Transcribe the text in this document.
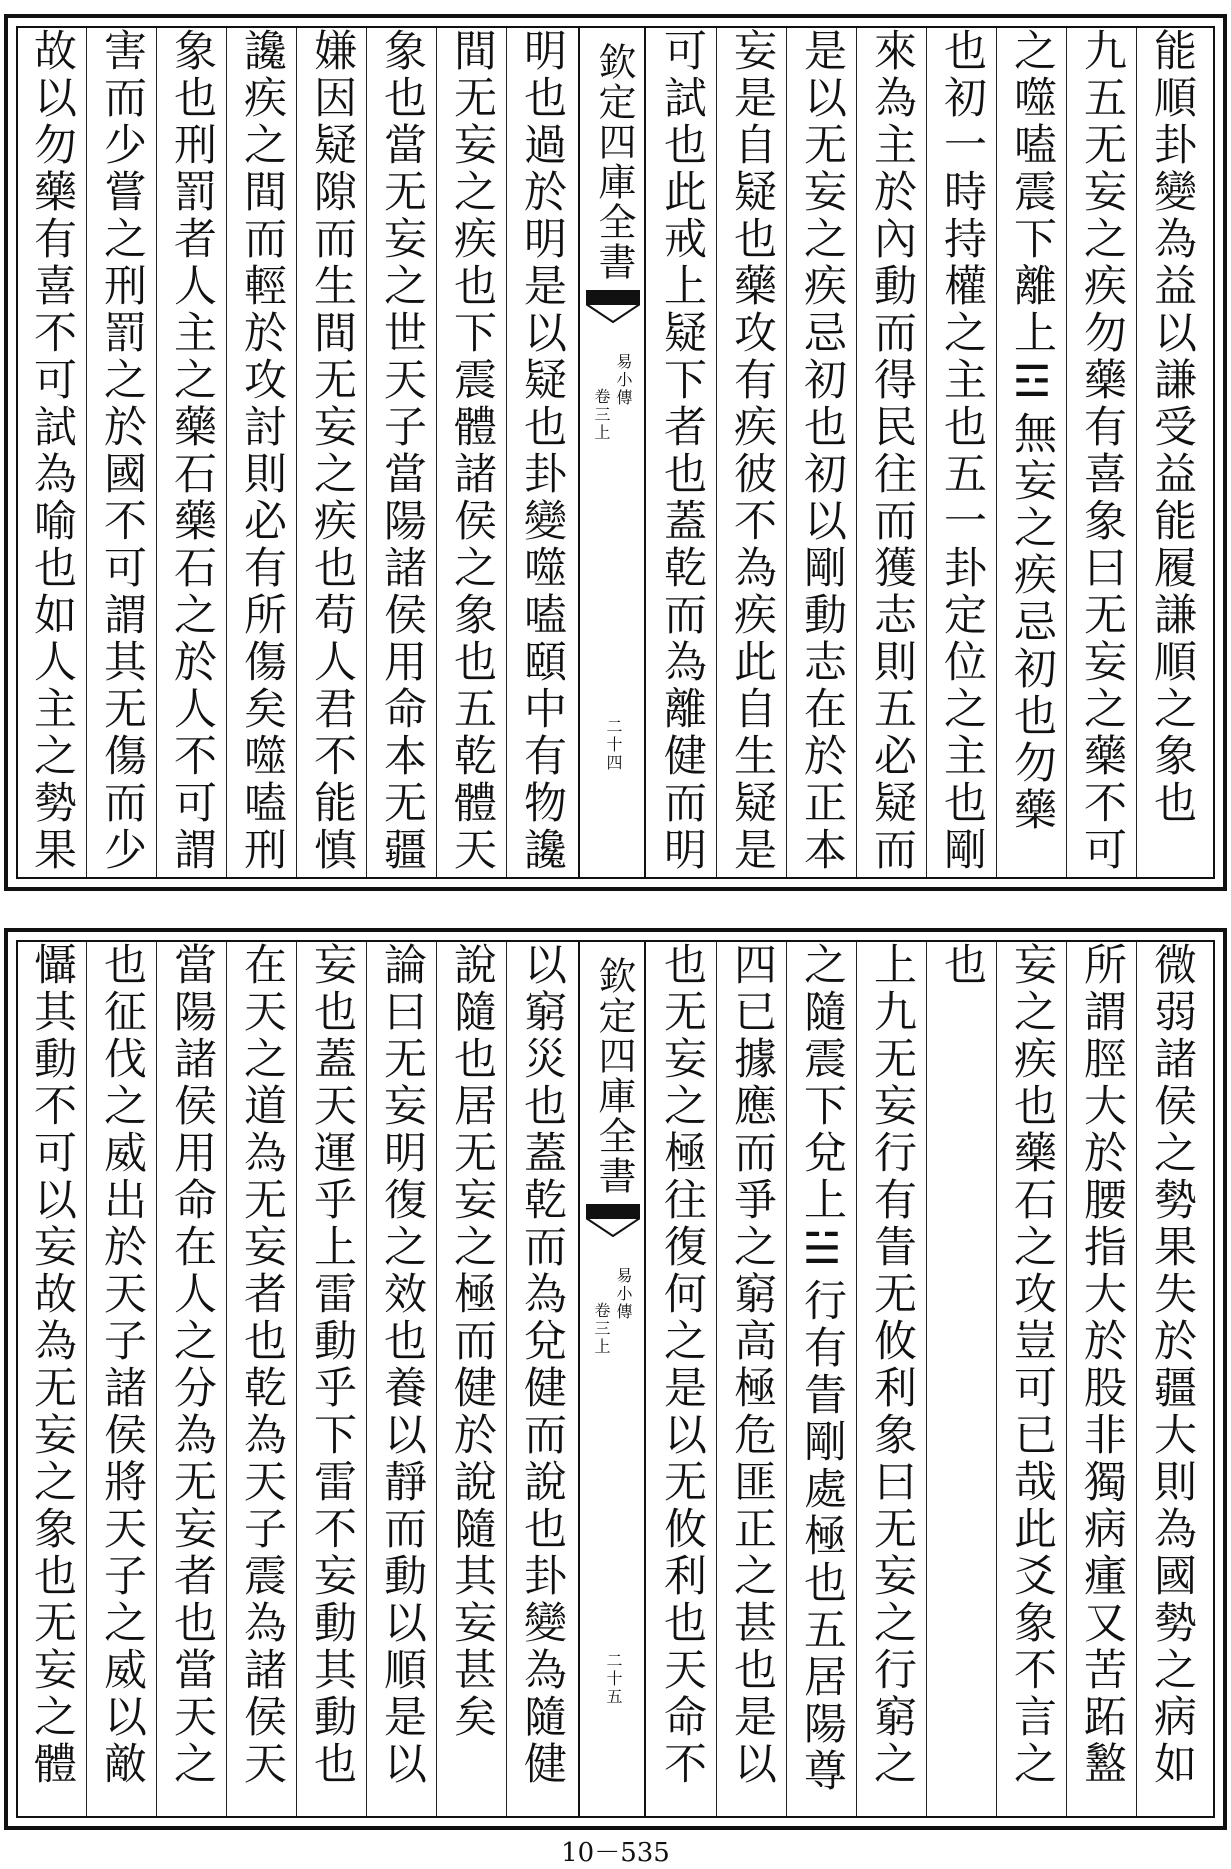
能順卦變為益以謙受益能履謙順之象也
九五无妄之疾勿藥有喜象曰无妄之藥不可
之噬嗑震下離上☲無妄之疾忌初也勿藥
也初一時持權之主也五一卦定位之主也剛
來為主於內動而得民往而獲志則五必疑而
是以无妄之疾忌初也初以剛動志在於正本
妄是自疑也藥攻有疾彼不為疾此自生疑是
可試也此戒上疑下者也蓋乾而為離健而明
欽定四庫全書
易小傳
卷三上
二十四
明也過於明是以疑也卦變噬嗑頤中有物讒
間无妄之疾也下震體諸侯之象也五乾體天
象也當无妄之世天子當陽諸侯用命本无疆
嫌因疑隙而生間无妄之疾也苟人君不能慎
讒疾之間而輕於攻討則必有所傷矣噬嗑刑
象也刑罰者人主之藥石藥石之於人不可謂
害而少嘗之刑罰之於國不可謂其无傷而少
故以勿藥有喜不可試為喻也如人主之勢果
微弱諸侯之勢果失於疆大則為國勢之病如
所謂脛大於腰指大於股非獨病瘇又苦跖盭
妄之疾也藥石之攻豈可已哉此爻象不言之
也
上九无妄行有眚无攸利象曰无妄之行窮之
之隨震下兌上☱行有眚剛處極也五居陽尊
四已據應而爭之窮高極危匪正之甚也是以
也无妄之極往復何之是以无攸利也天命不
欽定四庫全書
易小傳
卷三上
二十五
以窮災也蓋乾而為兌健而說也卦變為隨健
說隨也居无妄之極而健於說隨其妄甚矣
論曰无妄明復之效也養以靜而動以順是以
妄也蓋天運乎上雷動乎下雷不妄動其動也
在天之道為无妄者也乾為天子震為諸侯天
當陽諸侯用命在人之分為无妄者也當天之
也征伐之威出於天子諸侯將天子之威以敵
懾其動不可以妄故為无妄之象也无妄之體
10－535
